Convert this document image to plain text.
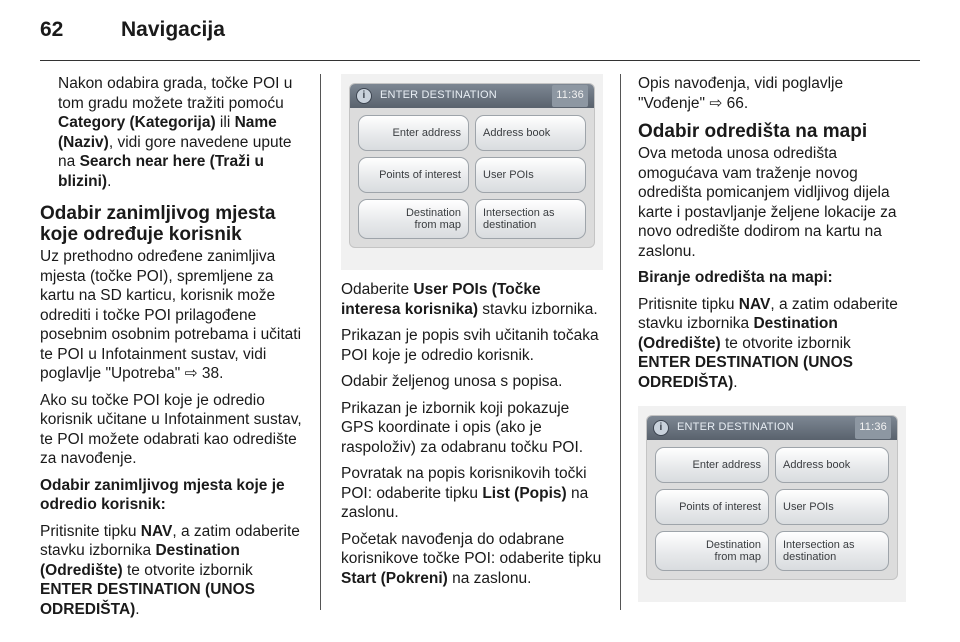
62	Navigacija

Nakon odabira grada, točke POI u tom gradu možete tražiti pomoću Category (Kategorija) ili Name (Naziv), vidi gore navedene upute na Search near here (Traži u blizini).

Odabir zanimljivog mjesta koje određuje korisnik

Uz prethodno određene zanimljiva mjesta (točke POI), spremljene za kartu na SD karticu, korisnik može odrediti i točke POI prilagođene posebnim osobnim potrebama i učitati te POI u Infotainment sustav, vidi poglavlje "Upotreba" ⇨ 38.

Ako su točke POI koje je odredio korisnik učitane u Infotainment sustav, te POI možete odabrati kao odredište za navođenje.

Odabir zanimljivog mjesta koje je odredio korisnik:

Pritisnite tipku NAV, a zatim odaberite stavku izbornika Destination (Odredište) te otvorite izbornik ENTER DESTINATION (UNOS ODREDIŠTA).

i	ENTER DESTINATION	11:36
Enter address	Address book
Points of interest	User POIs
Destination
from map
Intersection as
destination

Odaberite User POIs (Točke interesa korisnika) stavku izbornika.

Prikazan je popis svih učitanih točaka POI koje je odredio korisnik.

Odabir željenog unosa s popisa.

Prikazan je izbornik koji pokazuje GPS koordinate i opis (ako je raspoloživ) za odabranu točku POI.

Povratak na popis korisnikovih točki POI: odaberite tipku List (Popis) na zaslonu.

Početak navođenja do odabrane korisnikove točke POI: odaberite tipku Start (Pokreni) na zaslonu.

Opis navođenja, vidi poglavlje "Vođenje" ⇨ 66.

Odabir odredišta na mapi

Ova metoda unosa odredišta omogućava vam traženje novog odredišta pomicanjem vidljivog dijela karte i postavljanje željene lokacije za novo odredište dodirom na kartu na zaslonu.

Biranje odredišta na mapi:

Pritisnite tipku NAV, a zatim odaberite stavku izbornika Destination (Odredište) te otvorite izbornik ENTER DESTINATION (UNOS ODREDIŠTA).

i	ENTER DESTINATION	11:36
Enter address	Address book
Points of interest	User POIs
Destination
from map
Intersection as
destination
